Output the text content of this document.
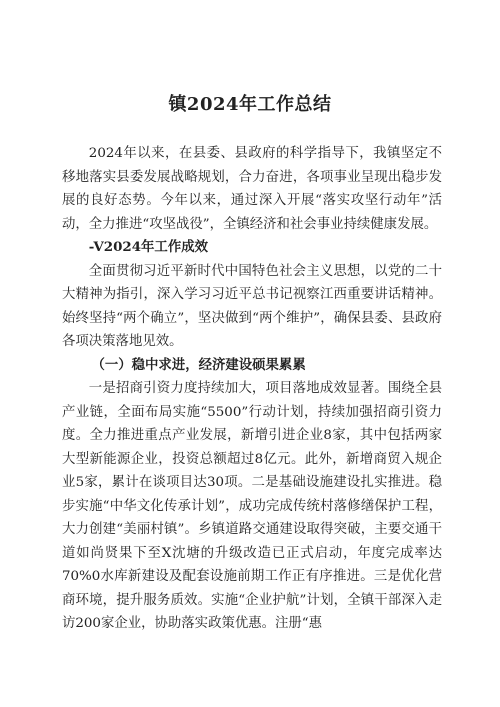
镇2024年工作总结

2024年以来，在县委、县政府的科学指导下，我镇坚定不移地落实县委发展战略规划，合力奋进，各项事业呈现出稳步发展的良好态势。今年以来，通过深入开展“落实攻坚行动年”活动，全力推进“攻坚战役”，全镇经济和社会事业持续健康发展。

-V2024年工作成效

全面贯彻习近平新时代中国特色社会主义思想，以党的二十大精神为指引，深入学习习近平总书记视察江西重要讲话精神。始终坚持“两个确立”，坚决做到“两个维护”，确保县委、县政府各项决策落地见效。

（一）稳中求进，经济建设硕果累累

一是招商引资力度持续加大，项目落地成效显著。围绕全县产业链，全面布局实施“5500”行动计划，持续加强招商引资力度。全力推进重点产业发展，新增引进企业8家，其中包括两家大型新能源企业，投资总额超过8亿元。此外，新增商贸入规企业5家，累计在谈项目达30项。二是基础设施建设扎实推进。稳步实施“中华文化传承计划”，成功完成传统村落修缮保护工程，大力创建“美丽村镇”。乡镇道路交通建设取得突破，主要交通干道如尚贤果下至X沈塘的升级改造已正式启动，年度完成率达70%0水库新建设及配套设施前期工作正有序推进。三是优化营商环境，提升服务质效。实施“企业护航”计划，全镇干部深入走访200家企业，协助落实政策优惠。注册“惠
